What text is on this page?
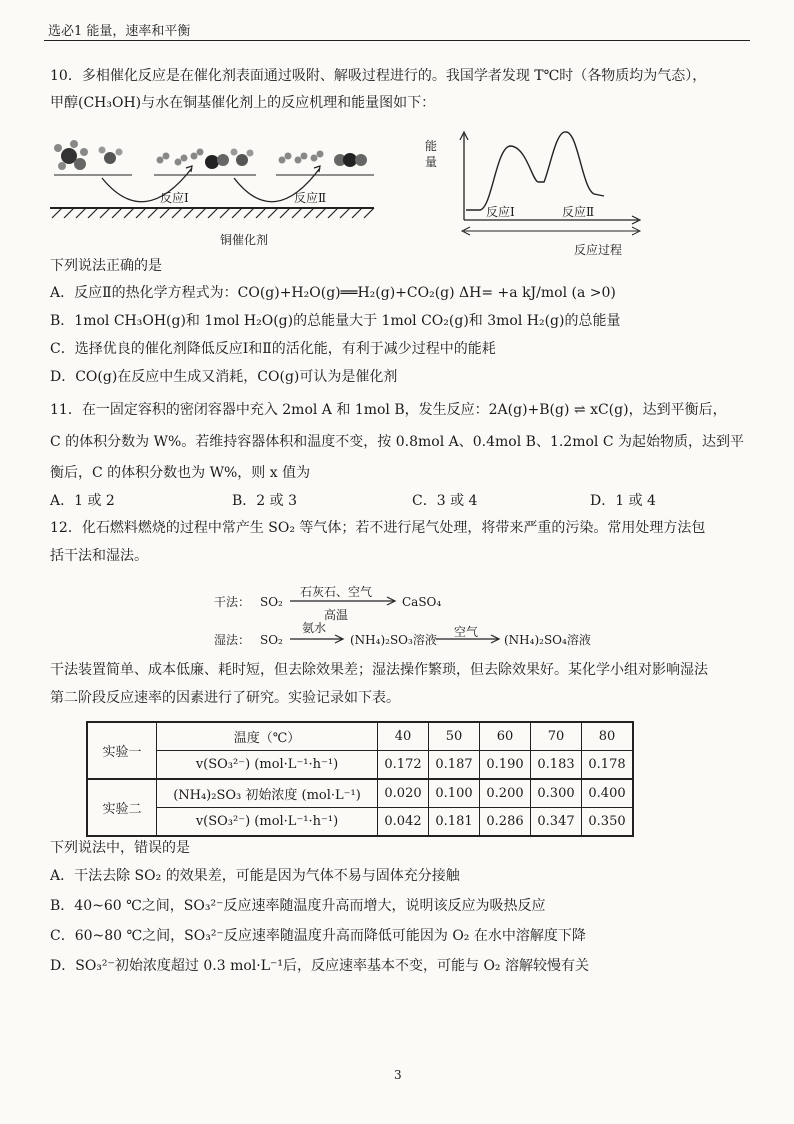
选必1 能量，速率和平衡
10．多相催化反应是在催化剂表面通过吸附、解吸过程进行的。我国学者发现 T℃时（各物质均为气态），
甲醇(CH₃OH)与水在铜基催化剂上的反应机理和能量图如下：
反应Ⅰ	反应Ⅱ
铜催化剂
能量
反应Ⅰ	反应Ⅱ
反应过程
下列说法正确的是
A．反应Ⅱ的热化学方程式为：CO(g)+H₂O(g)══H₂(g)+CO₂(g) ΔH= +a kJ/mol (a >0)
B．1mol CH₃OH(g)和 1mol H₂O(g)的总能量大于 1mol CO₂(g)和 3mol H₂(g)的总能量
C．选择优良的催化剂降低反应Ⅰ和Ⅱ的活化能，有利于减少过程中的能耗
D．CO(g)在反应中生成又消耗，CO(g)可认为是催化剂
11．在一固定容积的密闭容器中充入 2mol A 和 1mol B，发生反应：2A(g)+B(g) ⇌ xC(g)，达到平衡后，
C 的体积分数为 W%。若维持容器体积和温度不变，按 0.8mol A、0.4mol B、1.2mol C 为起始物质，达到平
衡后，C 的体积分数也为 W%，则 x 值为
A．1 或 2	B．2 或 3	C．3 或 4	D．1 或 4
12．化石燃料燃烧的过程中常产生 SO₂ 等气体；若不进行尾气处理，将带来严重的污染。常用处理方法包
括干法和湿法。
干法： SO₂
石灰石、空气
高温
CaSO₄
湿法： SO₂
氨水
(NH₄)₂SO₃溶液
空气
(NH₄)₂SO₄溶液
干法装置简单、成本低廉、耗时短，但去除效果差；湿法操作繁琐，但去除效果好。某化学小组对影响湿法
第二阶段反应速率的因素进行了研究。实验记录如下表。
实验一	温度（℃）	40	50	60	70	80
	v(SO₃²⁻) (mol·L⁻¹·h⁻¹)	0.172	0.187	0.190	0.183	0.178
实验二	(NH₄)₂SO₃ 初始浓度 (mol·L⁻¹)	0.020	0.100	0.200	0.300	0.400
	v(SO₃²⁻) (mol·L⁻¹·h⁻¹)	0.042	0.181	0.286	0.347	0.350
下列说法中，错误的是
A．干法去除 SO₂ 的效果差，可能是因为气体不易与固体充分接触
B．40~60 ℃之间，SO₃²⁻反应速率随温度升高而增大，说明该反应为吸热反应
C．60~80 ℃之间，SO₃²⁻反应速率随温度升高而降低可能因为 O₂ 在水中溶解度下降
D．SO₃²⁻初始浓度超过 0.3 mol·L⁻¹后，反应速率基本不变，可能与 O₂ 溶解较慢有关
3
